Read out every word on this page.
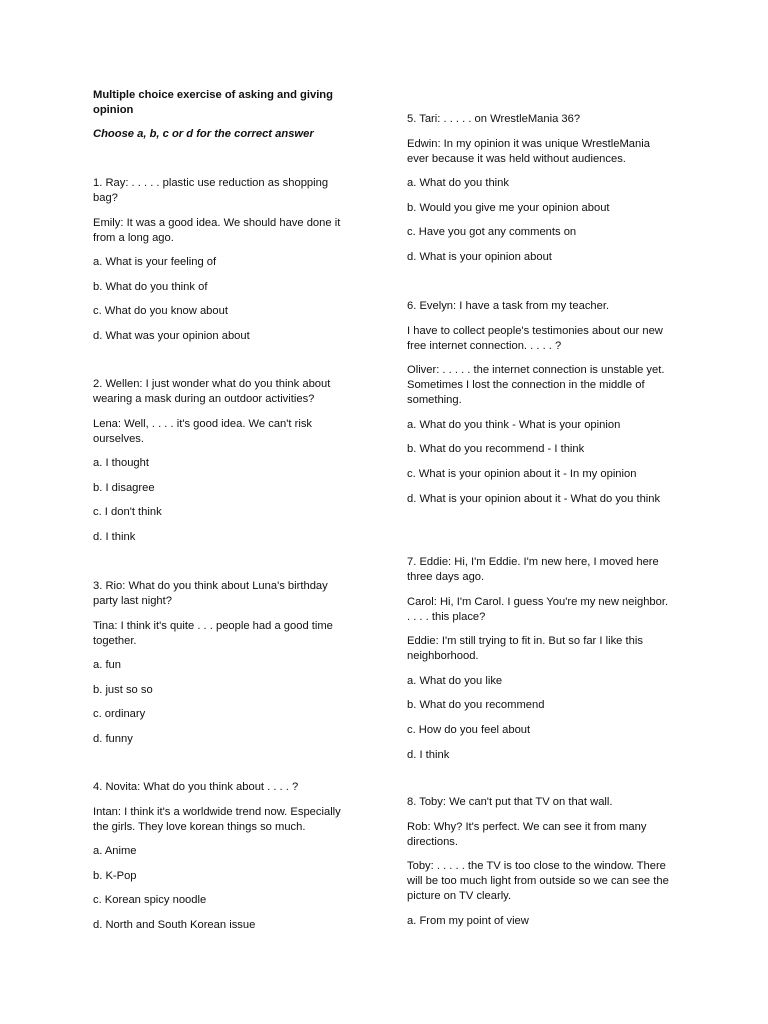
Multiple choice exercise of asking and giving opinion

Choose a, b, c or d for the correct answer

1. Ray: . . . . . plastic use reduction as shopping bag?

Emily: It was a good idea. We should have done it from a long ago.

a. What is your feeling of

b. What do you think of

c. What do you know about

d. What was your opinion about

2. Wellen: I just wonder what do you think about wearing a mask during an outdoor activities?

Lena: Well, . . . . it's good idea. We can't risk ourselves.

a. I thought

b. I disagree

c. I don't think

d. I think

3. Rio: What do you think about Luna's birthday party last night?

Tina: I think it's quite . . . people had a good time together.

a. fun

b. just so so

c. ordinary

d. funny

4. Novita: What do you think about . . . . ?

Intan: I think it's a worldwide trend now. Especially the girls. They love korean things so much.

a. Anime

b. K-Pop

c. Korean spicy noodle

d. North and South Korean issue

5. Tari: . . . . . on WrestleMania 36?

Edwin: In my opinion it was unique WrestleMania ever because it was held without audiences.

a. What do you think

b. Would you give me your opinion about

c. Have you got any comments on

d. What is your opinion about

6. Evelyn: I have a task from my teacher.

I have to collect people's testimonies about our new free internet connection. . . . . ?

Oliver: . . . . . the internet connection is unstable yet. Sometimes I lost the connection in the middle of something.

a. What do you think - What is your opinion

b. What do you recommend - I think

c. What is your opinion about it - In my opinion

d. What is your opinion about it - What do you think

7. Eddie: Hi, I'm Eddie. I'm new here, I moved here three days ago.

Carol: Hi, I'm Carol. I guess You're my new neighbor. . . . . this place?

Eddie: I'm still trying to fit in. But so far I like this neighborhood.

a. What do you like

b. What do you recommend

c. How do you feel about

d. I think

8. Toby: We can't put that TV on that wall.

Rob: Why? It's perfect. We can see it from many directions.

Toby: . . . . . the TV is too close to the window. There will be too much light from outside so we can see the picture on TV clearly.

a. From my point of view
